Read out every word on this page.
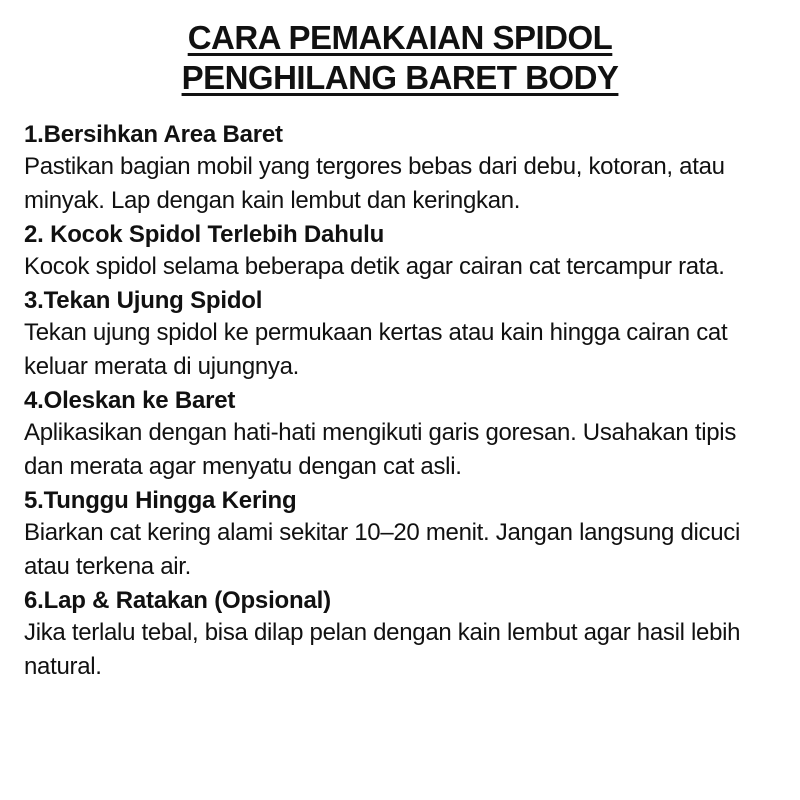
CARA PEMAKAIAN SPIDOL
PENGHILANG BARET BODY

1.Bersihkan Area Baret

Pastikan bagian mobil yang tergores bebas dari debu, kotoran, atau minyak. Lap dengan kain lembut dan keringkan.

2. Kocok Spidol Terlebih Dahulu

Kocok spidol selama beberapa detik agar cairan cat tercampur rata.

3.Tekan Ujung Spidol

Tekan ujung spidol ke permukaan kertas atau kain hingga cairan cat keluar merata di ujungnya.

4.Oleskan ke Baret

Aplikasikan dengan hati-hati mengikuti garis goresan. Usahakan tipis dan merata agar menyatu dengan cat asli.

5.Tunggu Hingga Kering

Biarkan cat kering alami sekitar 10–20 menit. Jangan langsung dicuci atau terkena air.

6.Lap & Ratakan (Opsional)

Jika terlalu tebal, bisa dilap pelan dengan kain lembut agar hasil lebih natural.
